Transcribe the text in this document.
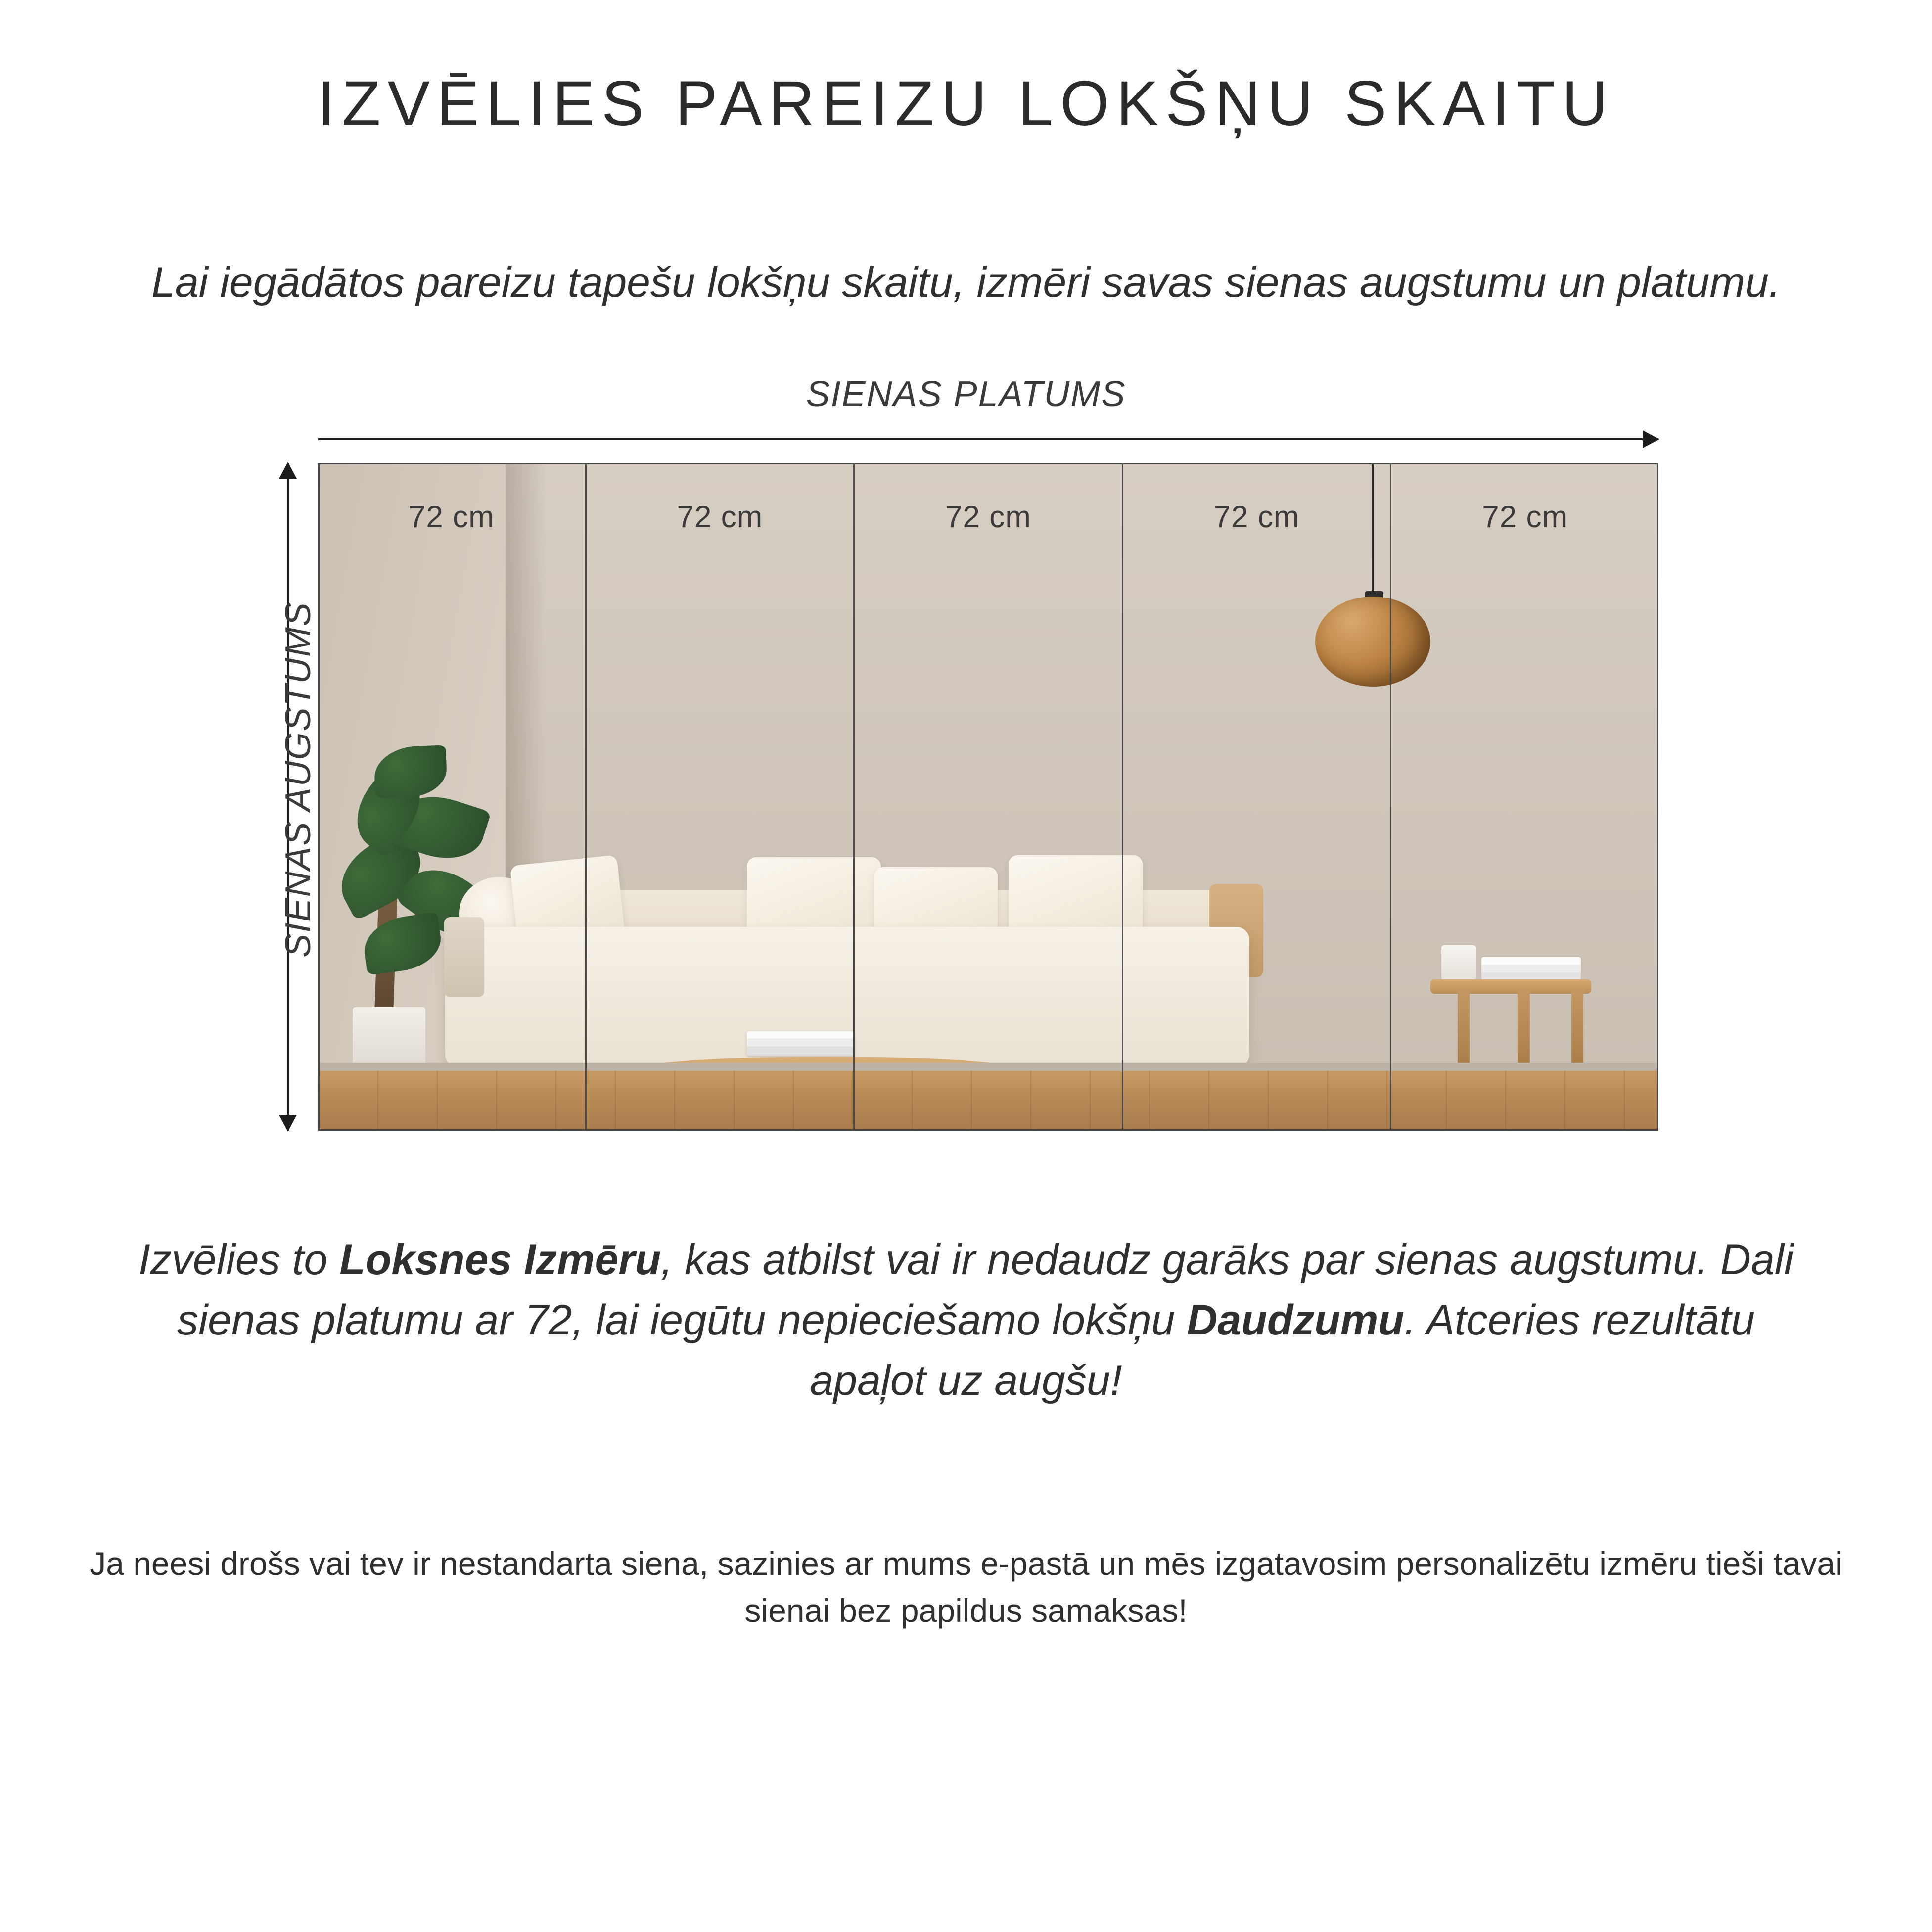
IZVĒLIES PAREIZU LOKŠŅU SKAITU

Lai iegādātos pareizu tapešu lokšņu skaitu, izmēri savas sienas augstumu un platumu.

SIENAS PLATUMS
SIENAS AUGSTUMS
72 cm	72 cm	72 cm	72 cm	72 cm

Izvēlies to Loksnes Izmēru, kas atbilst vai ir nedaudz garāks par sienas augstumu. Dali sienas platumu ar 72, lai iegūtu nepieciešamo lokšņu Daudzumu. Atceries rezultātu apaļot uz augšu!

Ja neesi drošs vai tev ir nestandarta siena, sazinies ar mums e-pastā un mēs izgatavosim personalizētu izmēru tieši tavai sienai bez papildus samaksas!
